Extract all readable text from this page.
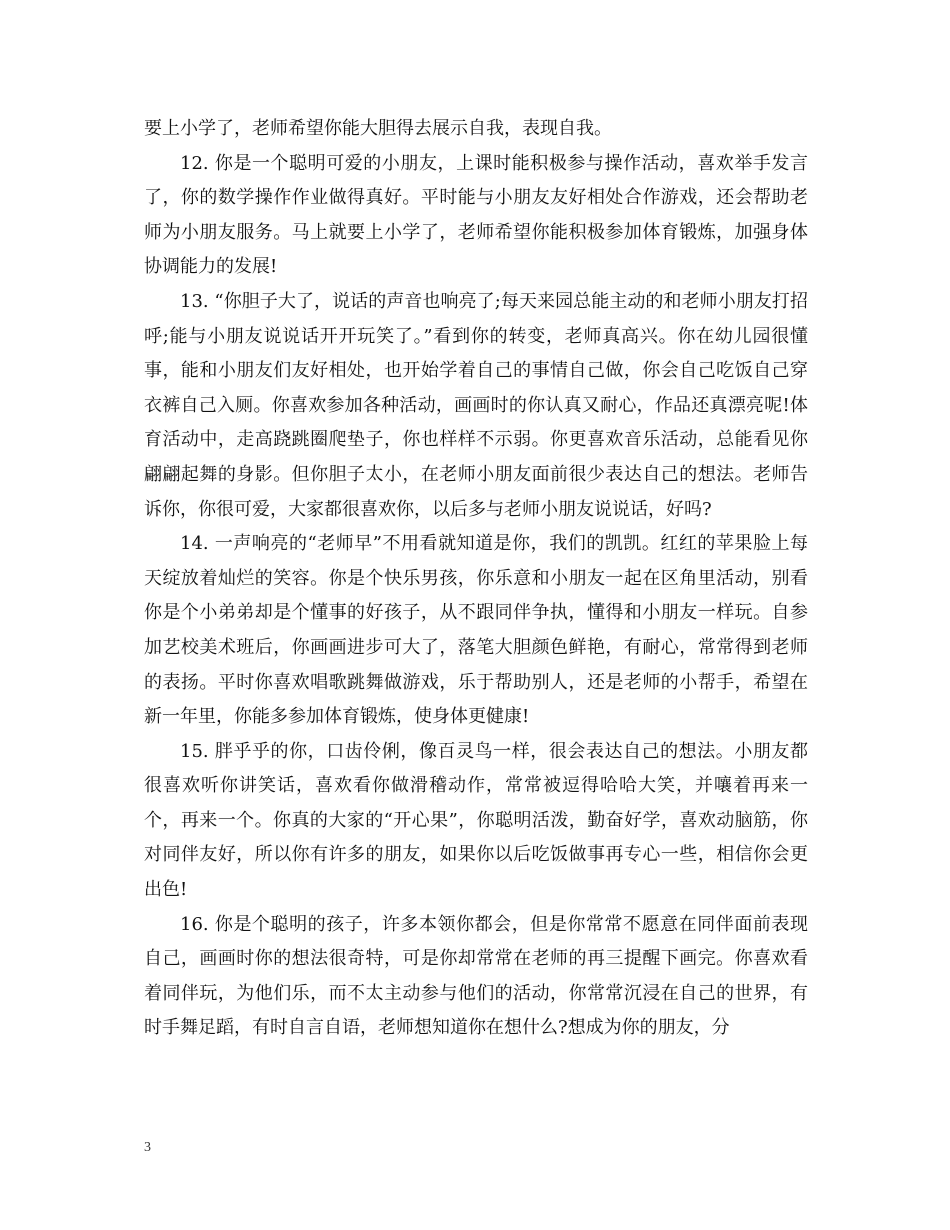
要上小学了，老师希望你能大胆得去展示自我，表现自我。

12. 你是一个聪明可爱的小朋友，上课时能积极参与操作活动，喜欢举手发言了，你的数学操作作业做得真好。平时能与小朋友友好相处合作游戏，还会帮助老师为小朋友服务。马上就要上小学了，老师希望你能积极参加体育锻炼，加强身体协调能力的发展!

13. “你胆子大了，说话的声音也响亮了;每天来园总能主动的和老师小朋友打招呼;能与小朋友说说话开开玩笑了。”看到你的转变，老师真高兴。你在幼儿园很懂事，能和小朋友们友好相处，也开始学着自己的事情自己做，你会自己吃饭自己穿衣裤自己入厕。你喜欢参加各种活动，画画时的你认真又耐心，作品还真漂亮呢!体育活动中，走高跷跳圈爬垫子，你也样样不示弱。你更喜欢音乐活动，总能看见你翩翩起舞的身影。但你胆子太小，在老师小朋友面前很少表达自己的想法。老师告诉你，你很可爱，大家都很喜欢你，以后多与老师小朋友说说话，好吗?

14. 一声响亮的“老师早”不用看就知道是你，我们的凯凯。红红的苹果脸上每天绽放着灿烂的笑容。你是个快乐男孩，你乐意和小朋友一起在区角里活动，别看你是个小弟弟却是个懂事的好孩子，从不跟同伴争执，懂得和小朋友一样玩。自参加艺校美术班后，你画画进步可大了，落笔大胆颜色鲜艳，有耐心，常常得到老师的表扬。平时你喜欢唱歌跳舞做游戏，乐于帮助别人，还是老师的小帮手，希望在新一年里，你能多参加体育锻炼，使身体更健康!

15. 胖乎乎的你，口齿伶俐，像百灵鸟一样，很会表达自己的想法。小朋友都很喜欢听你讲笑话，喜欢看你做滑稽动作，常常被逗得哈哈大笑，并嚷着再来一个，再来一个。你真的大家的“开心果”，你聪明活泼，勤奋好学，喜欢动脑筋，你对同伴友好，所以你有许多的朋友，如果你以后吃饭做事再专心一些，相信你会更出色!

16. 你是个聪明的孩子，许多本领你都会，但是你常常不愿意在同伴面前表现自己，画画时你的想法很奇特，可是你却常常在老师的再三提醒下画完。你喜欢看着同伴玩，为他们乐，而不太主动参与他们的活动，你常常沉浸在自己的世界，有时手舞足蹈，有时自言自语，老师想知道你在想什么?想成为你的朋友，分

3
